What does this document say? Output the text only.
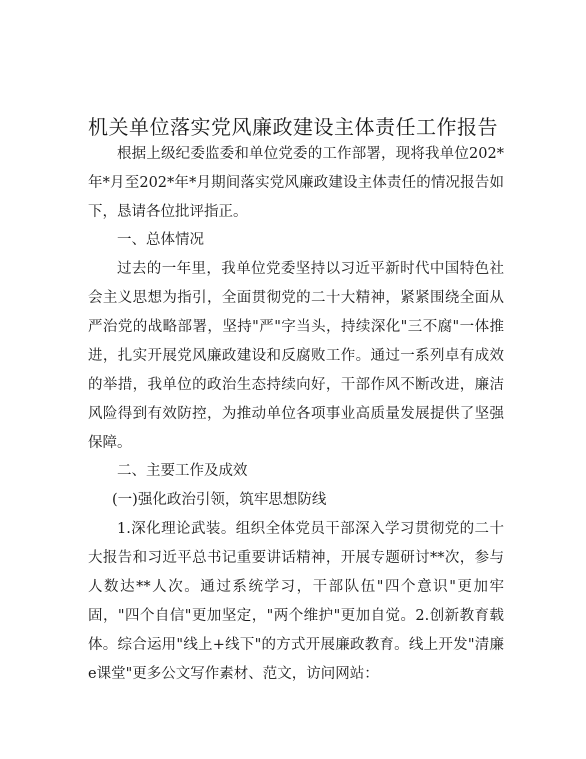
机关单位落实党风廉政建设主体责任工作报告

根据上级纪委监委和单位党委的工作部署，现将我单位202*年*月至202*年*月期间落实党风廉政建设主体责任的情况报告如下，恳请各位批评指正。

一、总体情况

过去的一年里，我单位党委坚持以习近平新时代中国特色社会主义思想为指引，全面贯彻党的二十大精神，紧紧围绕全面从严治党的战略部署，坚持"严"字当头，持续深化"三不腐"一体推进，扎实开展党风廉政建设和反腐败工作。通过一系列卓有成效的举措，我单位的政治生态持续向好，干部作风不断改进，廉洁风险得到有效防控，为推动单位各项事业高质量发展提供了坚强保障。

二、主要工作及成效

(一)强化政治引领，筑牢思想防线

1.深化理论武装。组织全体党员干部深入学习贯彻党的二十大报告和习近平总书记重要讲话精神，开展专题研讨**次，参与人数达**人次。通过系统学习，干部队伍"四个意识"更加牢固，"四个自信"更加坚定，"两个维护"更加自觉。2.创新教育载体。综合运用"线上+线下"的方式开展廉政教育。线上开发"清廉e课堂"更多公文写作素材、范文，访问网站：
